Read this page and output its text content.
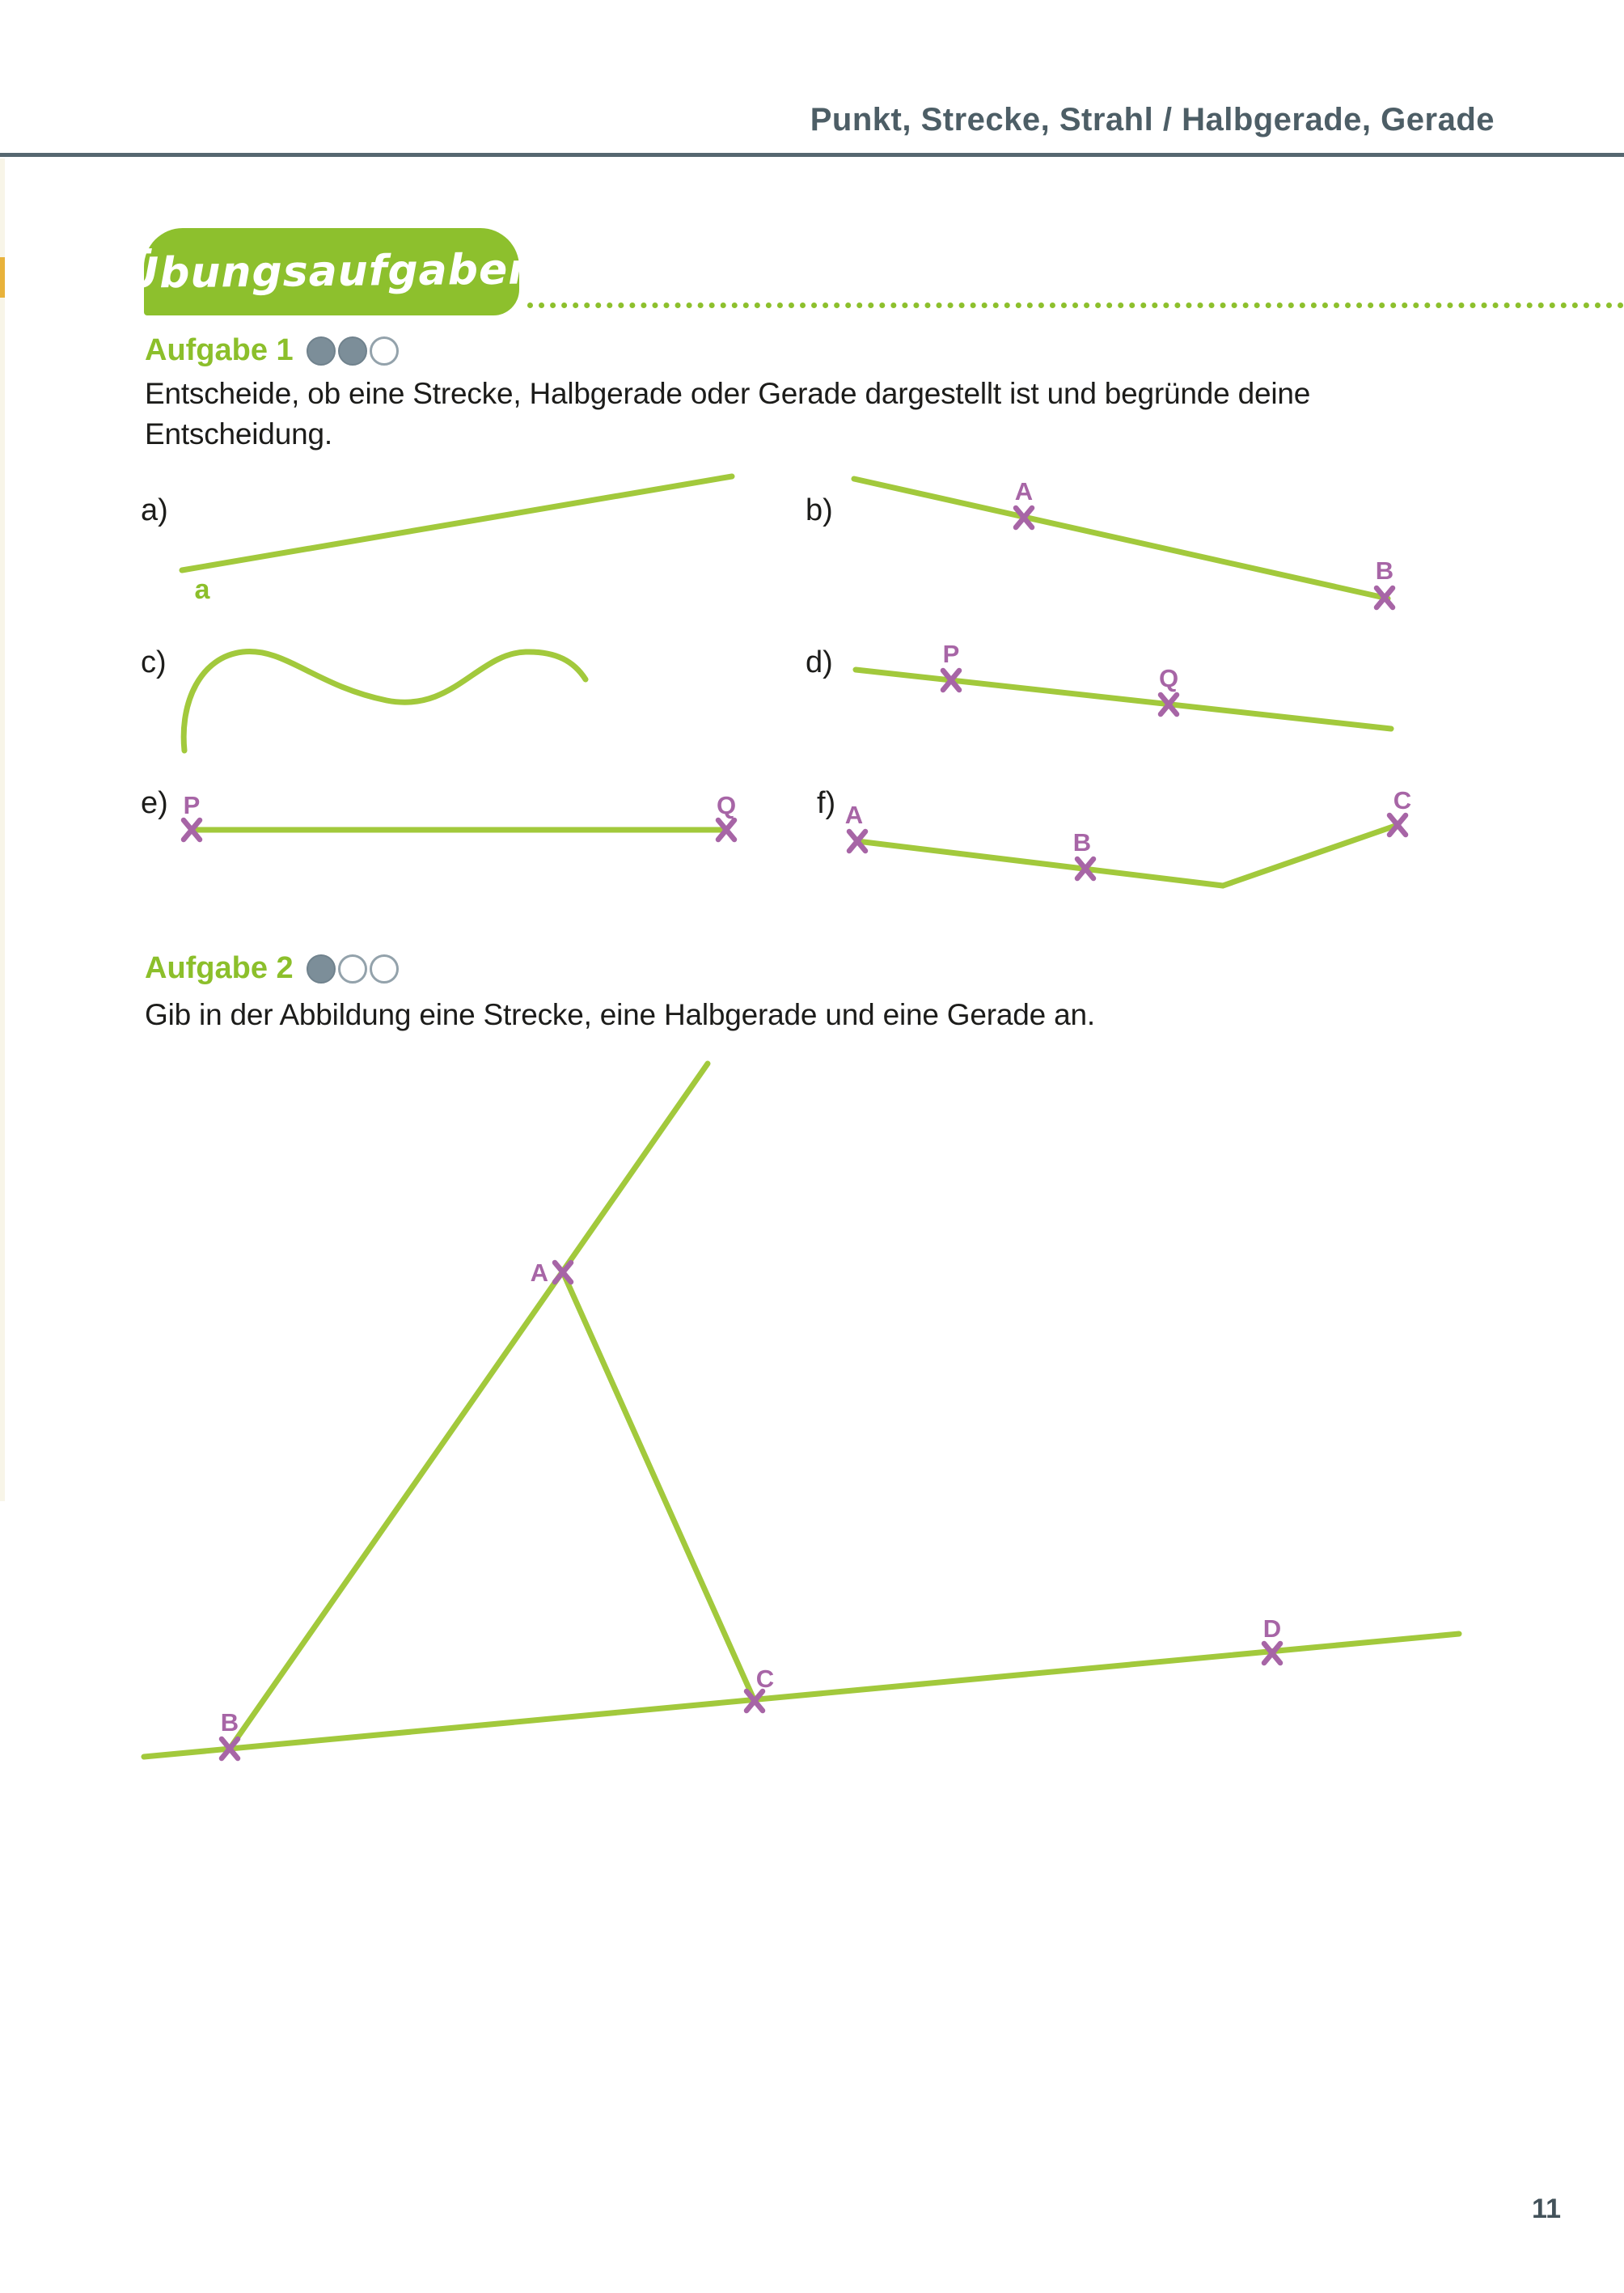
Punkt, Strecke, Strahl / Halbgerade, Gerade
Übungsaufgaben
Aufgabe 1
Entscheide, ob eine Strecke, Halbgerade oder Gerade dargestellt ist und begründe deine
Entscheidung.
a)	b)
c)	d)
e)	f)
Aufgabe 2
Gib in der Abbildung eine Strecke, eine Halbgerade und eine Gerade an.
a
A
B
P
Q
P	Q	A
B
C
A
B
C
D
11
